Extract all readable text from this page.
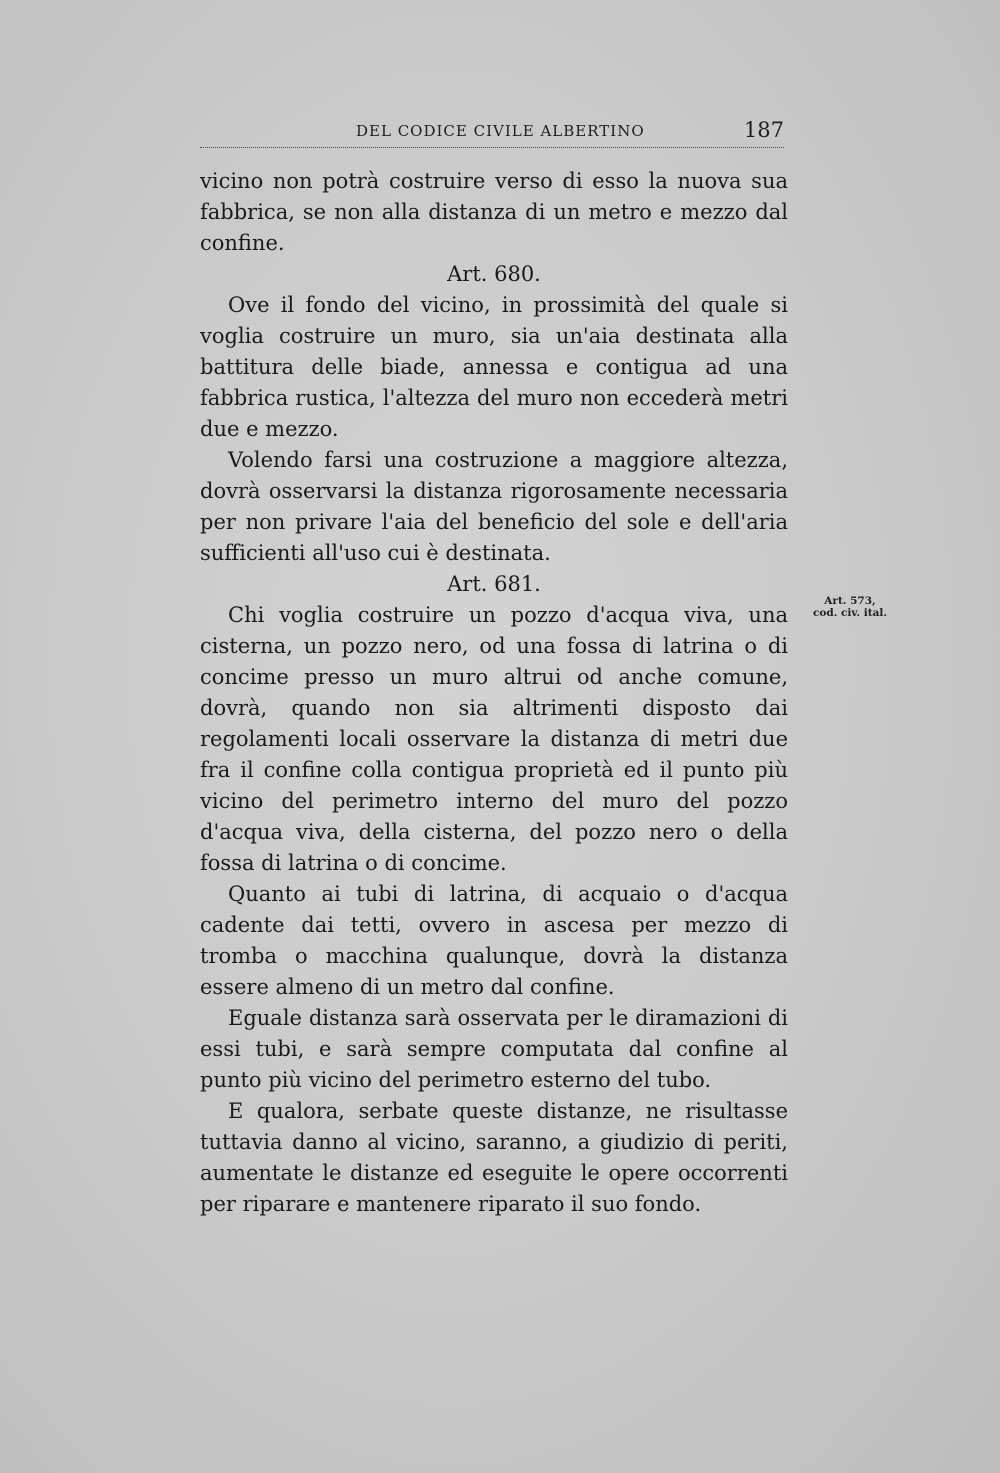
DEL CODICE CIVILE ALBERTINO	187

vicino non potrà costruire verso di esso la nuova sua fabbrica, se non alla distanza di un metro e mezzo dal confine.

Art. 680.

Ove il fondo del vicino, in prossimità del quale si voglia costruire un muro, sia un'aia destinata alla battitura delle biade, annessa e contigua ad una fabbrica rustica, l'altezza del muro non eccederà metri due e mezzo.

Volendo farsi una costruzione a maggiore altezza, dovrà osservarsi la distanza rigorosamente necessaria per non privare l'aia del beneficio del sole e dell'aria sufficienti all'uso cui è destinata.

Art. 681.

Chi voglia costruire un pozzo d'acqua viva, una cisterna, un pozzo nero, od una fossa di latrina o di concime presso un muro altrui od anche comune, dovrà, quando non sia altrimenti disposto dai regolamenti locali osservare la distanza di metri due fra il confine colla contigua proprietà ed il punto più vicino del perimetro interno del muro del pozzo d'acqua viva, della cisterna, del pozzo nero o della fossa di latrina o di concime.

Quanto ai tubi di latrina, di acquaio o d'acqua cadente dai tetti, ovvero in ascesa per mezzo di tromba o macchina qualunque, dovrà la distanza essere almeno di un metro dal confine.

Eguale distanza sarà osservata per le diramazioni di essi tubi, e sarà sempre computata dal confine al punto più vicino del perimetro esterno del tubo.

E qualora, serbate queste distanze, ne risultasse tuttavia danno al vicino, saranno, a giudizio di periti, aumentate le distanze ed eseguite le opere occorrenti per riparare e mantenere riparato il suo fondo.

Art. 573,
cod. civ. ital.
